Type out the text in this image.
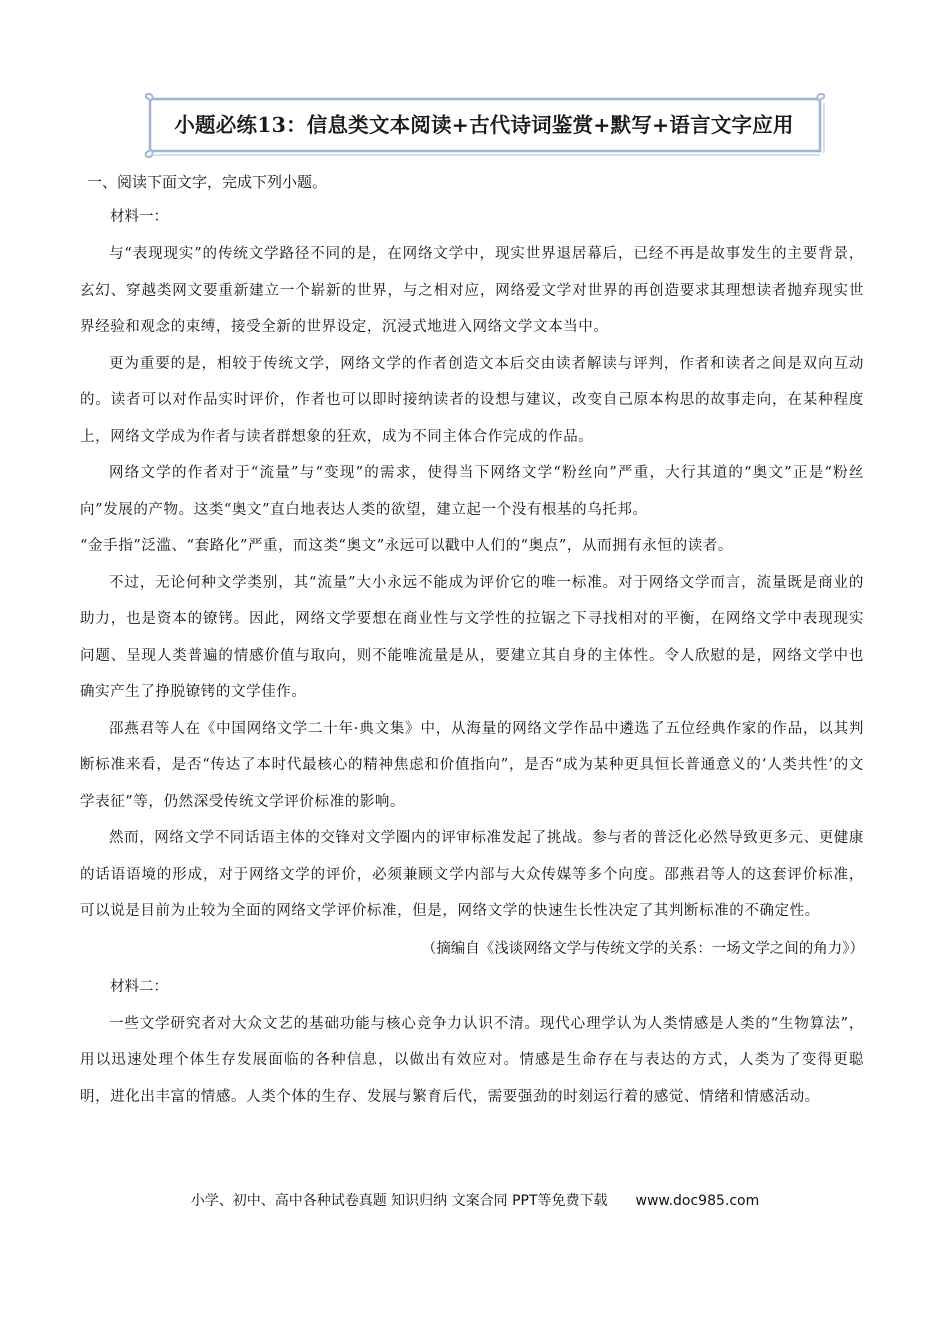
小题必练13：信息类文本阅读+古代诗词鉴赏+默写+语言文字应用
一、阅读下面文字，完成下列小题。

材料一：

与“表现现实”的传统文学路径不同的是，在网络文学中，现实世界退居幕后，已经不再是故事发生的主要背景，玄幻、穿越类网文要重新建立一个崭新的世界，与之相对应，网络爱文学对世界的再创造要求其理想读者抛弃现实世界经验和观念的束缚，接受全新的世界设定，沉浸式地进入网络文学文本当中。

更为重要的是，相较于传统文学，网络文学的作者创造文本后交由读者解读与评判，作者和读者之间是双向互动的。读者可以对作品实时评价，作者也可以即时接纳读者的设想与建议，改变自己原本构思的故事走向，在某种程度上，网络文学成为作者与读者群想象的狂欢，成为不同主体合作完成的作品。

网络文学的作者对于“流量”与“变现”的需求，使得当下网络文学“粉丝向”严重，大行其道的“奥文”正是“粉丝向”发展的产物。这类“奥文”直白地表达人类的欲望，建立起一个没有根基的乌托邦。

“金手指”泛滥、“套路化”严重，而这类“奥文”永远可以戳中人们的“奥点”，从而拥有永恒的读者。

不过，无论何种文学类别，其“流量”大小永远不能成为评价它的唯一标准。对于网络文学而言，流量既是商业的助力，也是资本的镣铐。因此，网络文学要想在商业性与文学性的拉锯之下寻找相对的平衡，在网络文学中表现现实问题、呈现人类普遍的情感价值与取向，则不能唯流量是从，要建立其自身的主体性。令人欣慰的是，网络文学中也确实产生了挣脱镣铐的文学佳作。

邵燕君等人在《中国网络文学二十年·典文集》中，从海量的网络文学作品中遴选了五位经典作家的作品，以其判断标准来看，是否“传达了本时代最核心的精神焦虑和价值指向”，是否“成为某种更具恒长普通意义的‘人类共性’的文学表征”等，仍然深受传统文学评价标准的影响。

然而，网络文学不同话语主体的交锋对文学圈内的评审标准发起了挑战。参与者的普泛化必然导致更多元、更健康的话语语境的形成，对于网络文学的评价，必须兼顾文学内部与大众传媒等多个向度。邵燕君等人的这套评价标准，可以说是目前为止较为全面的网络文学评价标准，但是，网络文学的快速生长性决定了其判断标准的不确定性。

（摘编自《浅谈网络文学与传统文学的关系：一场文学之间的角力》）

材料二：

一些文学研究者对大众文艺的基础功能与核心竞争力认识不清。现代心理学认为人类情感是人类的“生物算法”，用以迅速处理个体生存发展面临的各种信息，以做出有效应对。情感是生命存在与表达的方式，人类为了变得更聪明，进化出丰富的情感。人类个体的生存、发展与繁育后代，需要强劲的时刻运行着的感觉、情绪和情感活动。

小学、初中、高中各种试卷真题 知识归纳 文案合同 PPT等免费下载 www.doc985.com
